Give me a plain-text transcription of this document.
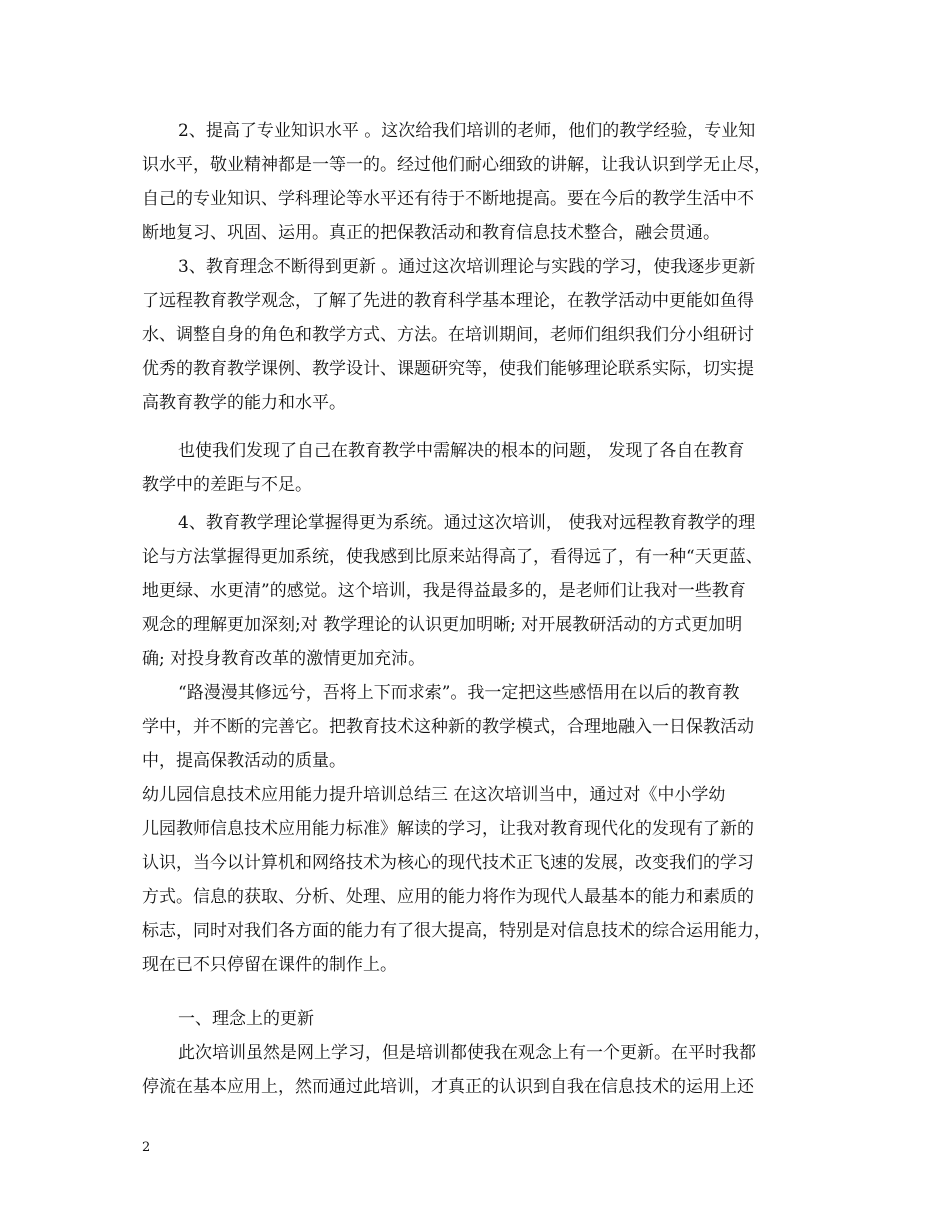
2、提高了专业知识水平 。这次给我们培训的老师，他们的教学经验，专业知
识水平，敬业精神都是一等一的。经过他们耐心细致的讲解，让我认识到学无止尽，
自己的专业知识、学科理论等水平还有待于不断地提高。要在今后的教学生活中不
断地复习、巩固、运用。真正的把保教活动和教育信息技术整合，融会贯通。
3、教育理念不断得到更新 。通过这次培训理论与实践的学习，使我逐步更新
了远程教育教学观念，了解了先进的教育科学基本理论，在教学活动中更能如鱼得
水、调整自身的角色和教学方式、方法。在培训期间，老师们组织我们分小组研讨
优秀的教育教学课例、教学设计、课题研究等，使我们能够理论联系实际，切实提
高教育教学的能力和水平。
也使我们发现了自己在教育教学中需解决的根本的问题， 发现了各自在教育
教学中的差距与不足。
4、教育教学理论掌握得更为系统。通过这次培训， 使我对远程教育教学的理
论与方法掌握得更加系统，使我感到比原来站得高了，看得远了，有一种“天更蓝、
地更绿、水更清”的感觉。这个培训，我是得益最多的，是老师们让我对一些教育
观念的理解更加深刻;对 教学理论的认识更加明晰; 对开展教研活动的方式更加明
确; 对投身教育改革的激情更加充沛。
“路漫漫其修远兮，吾将上下而求索”。我一定把这些感悟用在以后的教育教
学中，并不断的完善它。把教育技术这种新的教学模式，合理地融入一日保教活动
中，提高保教活动的质量。
幼儿园信息技术应用能力提升培训总结三 在这次培训当中，通过对《中小学幼
儿园教师信息技术应用能力标准》解读的学习，让我对教育现代化的发现有了新的
认识，当今以计算机和网络技术为核心的现代技术正飞速的发展，改变我们的学习
方式。信息的获取、分析、处理、应用的能力将作为现代人最基本的能力和素质的
标志，同时对我们各方面的能力有了很大提高，特别是对信息技术的综合运用能力，
现在已不只停留在课件的制作上。
一、理念上的更新
此次培训虽然是网上学习，但是培训都使我在观念上有一个更新。在平时我都
停流在基本应用上，然而通过此培训，才真正的认识到自我在信息技术的运用上还
2
